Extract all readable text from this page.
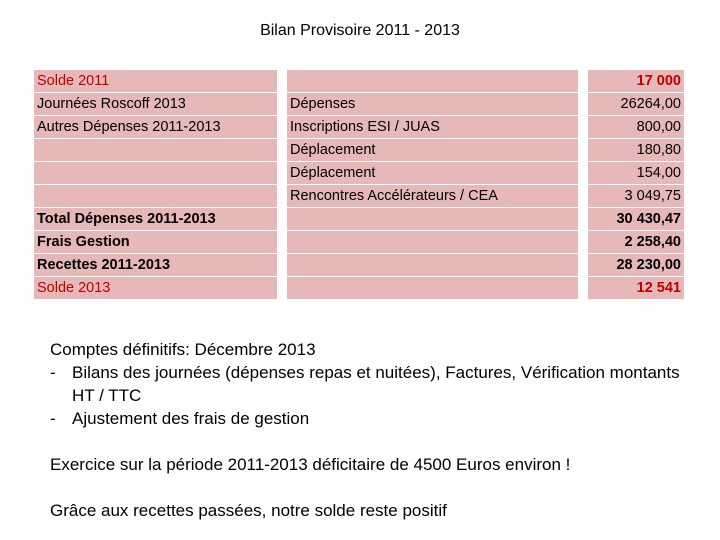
Bilan Provisoire 2011 - 2013
Solde 2011				17 000
Journées Roscoff 2013		Dépenses		26264,00
Autres Dépenses 2011-2013		Inscriptions ESI / JUAS		800,00
		Déplacement		180,80
		Déplacement		154,00
		Rencontres Accélérateurs / CEA		3 049,75
Total Dépenses 2011-2013				30 430,47
Frais Gestion				2 258,40
Recettes 2011-2013				28 230,00
Solde 2013				12 541

Comptes définitifs: Décembre 2013

- Bilans des journées (dépenses repas et nuitées), Factures, Vérification montants HT / TTC
- Ajustement des frais de gestion

Exercice sur la période 2011-2013 déficitaire de 4500 Euros environ !

Grâce aux recettes passées, notre solde reste positif
